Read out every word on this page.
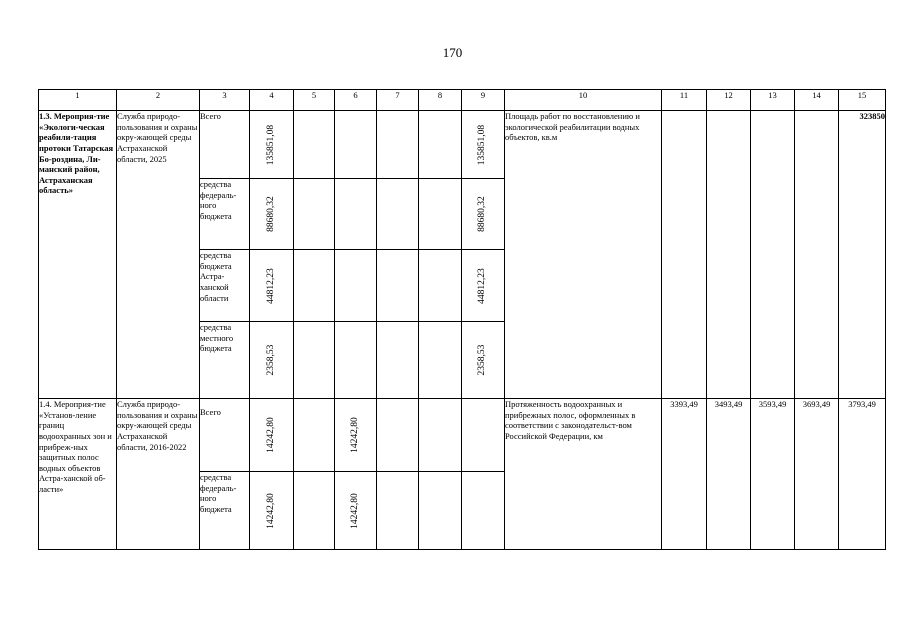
170
1	2	3	4	5	6	7	8	9	10	11	12	13	14	15
1.3. Мероприя-тие «Экологи-ческая реабили-тация протоки Татарская Бо-роздина, Ли-манский район, Астраханская область»	Служба природо-пользования и охраны окру-жающей среды Астраханской области, 2025	Всего	135851,08					135851,08	Площадь работ по восстановлению и экологической реабилитации водных объектов, кв.м					323850
		средства федераль-ного бюджета	88680,32					88680,32						

		средства бюджета Астра-ханской области	44812,23					44812,23						

		средства местного бюджета	2358,53					2358,53						

1.4. Мероприя-тие «Установ-ление границ водоохранных зон и прибреж-ных защитных полос водных объектов Астра-ханской об-ласти»	Служба природо-пользования и охраны окру-жающей среды Астраханской области, 2016-2022	Всего	14242,80		14242,80				Протяженность водоохранных и прибрежных полос, оформленных в соответствии с законодательст-вом Российской Федерации, км	3393,49	3493,49	3593,49	3693,49	3793,49
		средства федераль-ного бюджета	14242,80		14242,80									
